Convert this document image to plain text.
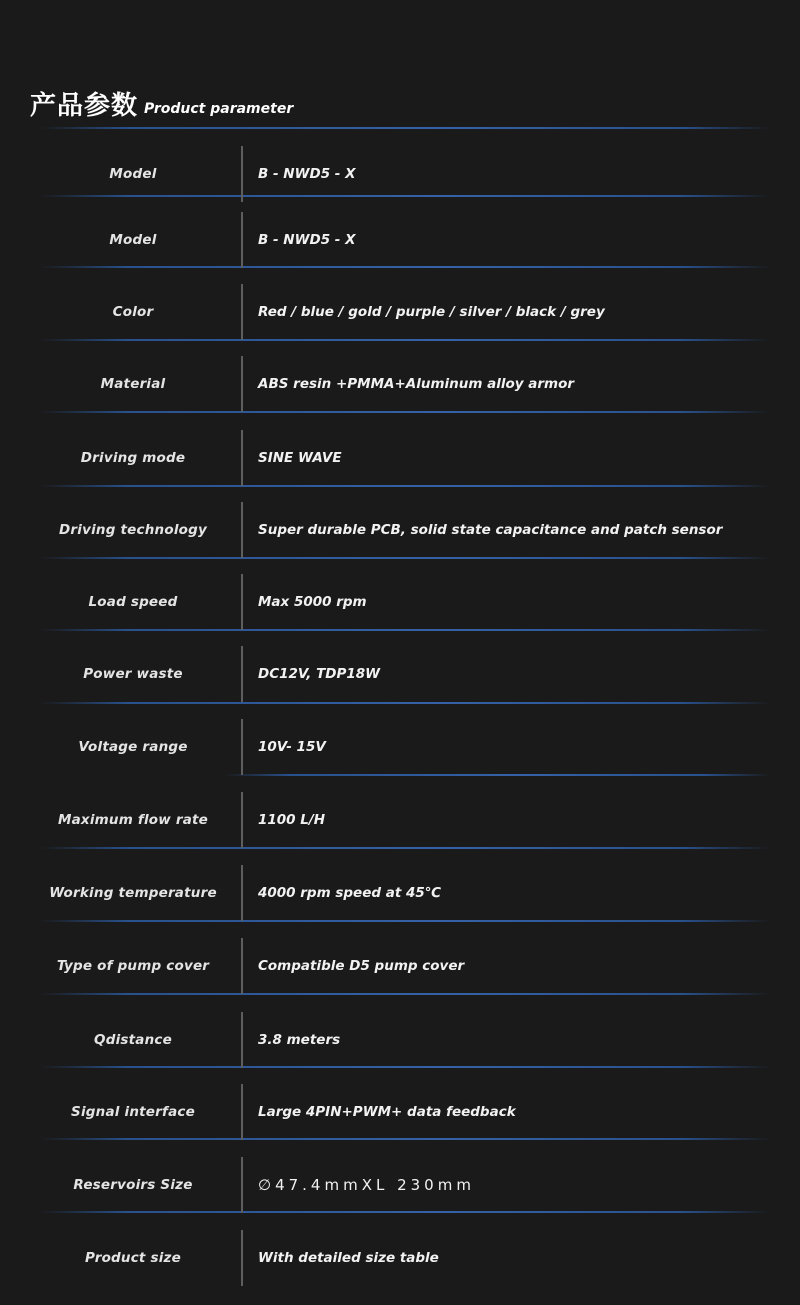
产品参数 Product parameter
Model	B - NWD5 - X
Model	B - NWD5 - X
Color	Red / blue / gold / purple / silver / black / grey
Material	ABS resin +PMMA+Aluminum alloy armor
Driving mode	SINE WAVE
Driving technology	Super durable PCB, solid state capacitance and patch sensor
Load speed	Max 5000 rpm
Power waste	DC12V, TDP18W
Voltage range	10V- 15V
Maximum flow rate	1100 L/H
Working temperature	4000 rpm speed at 45℃
Type of pump cover	Compatible D5 pump cover
Qdistance	3.8 meters
Signal interface	Large 4PIN+PWM+ data feedback
Reservoirs Size	∅47.4mmXL 230mm
Product size	With detailed size table
